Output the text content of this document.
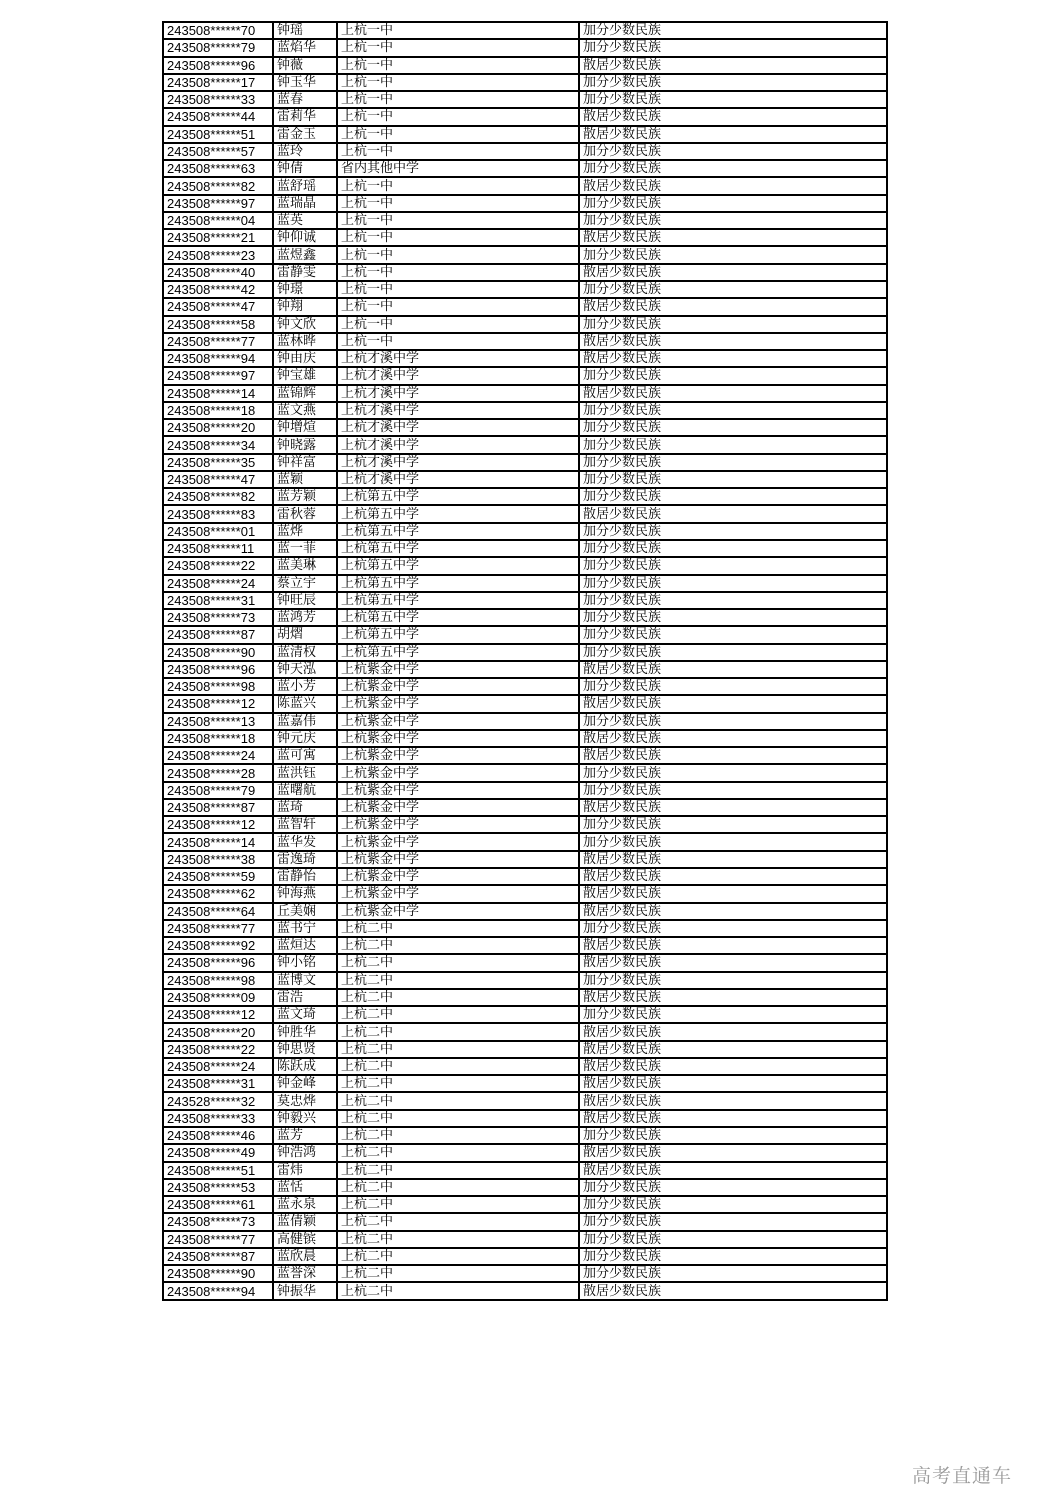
243508******70	钟瑶	上杭一中	加分少数民族
243508******79	蓝焰华	上杭一中	加分少数民族
243508******96	钟薇	上杭一中	散居少数民族
243508******17	钟玉华	上杭一中	加分少数民族
243508******33	蓝春	上杭一中	加分少数民族
243508******44	雷莉华	上杭一中	散居少数民族
243508******51	雷金玉	上杭一中	散居少数民族
243508******57	蓝玲	上杭一中	加分少数民族
243508******63	钟倩	省内其他中学	加分少数民族
243508******82	蓝舒瑶	上杭一中	散居少数民族
243508******97	蓝瑞晶	上杭一中	加分少数民族
243508******04	蓝英	上杭一中	加分少数民族
243508******21	钟仰诚	上杭一中	散居少数民族
243508******23	蓝煜鑫	上杭一中	加分少数民族
243508******40	雷静雯	上杭一中	散居少数民族
243508******42	钟璟	上杭一中	加分少数民族
243508******47	钟翔	上杭一中	散居少数民族
243508******58	钟文欣	上杭一中	加分少数民族
243508******77	蓝林晔	上杭一中	散居少数民族
243508******94	钟由庆	上杭才溪中学	散居少数民族
243508******97	钟宝雄	上杭才溪中学	加分少数民族
243508******14	蓝锦辉	上杭才溪中学	散居少数民族
243508******18	蓝文燕	上杭才溪中学	加分少数民族
243508******20	钟增煊	上杭才溪中学	加分少数民族
243508******34	钟晓露	上杭才溪中学	加分少数民族
243508******35	钟祥富	上杭才溪中学	加分少数民族
243508******47	蓝颖	上杭才溪中学	加分少数民族
243508******82	蓝芳颖	上杭第五中学	加分少数民族
243508******83	雷秋蓉	上杭第五中学	散居少数民族
243508******01	蓝烨	上杭第五中学	加分少数民族
243508******11	蓝一菲	上杭第五中学	加分少数民族
243508******22	蓝美琳	上杭第五中学	加分少数民族
243508******24	蔡立宇	上杭第五中学	加分少数民族
243508******31	钟旺辰	上杭第五中学	加分少数民族
243508******73	蓝鸿芳	上杭第五中学	加分少数民族
243508******87	胡熠	上杭第五中学	加分少数民族
243508******90	蓝清权	上杭第五中学	加分少数民族
243508******96	钟天泓	上杭紫金中学	散居少数民族
243508******98	蓝小芳	上杭紫金中学	加分少数民族
243508******12	陈蓝兴	上杭紫金中学	散居少数民族
243508******13	蓝嘉伟	上杭紫金中学	加分少数民族
243508******18	钟元庆	上杭紫金中学	散居少数民族
243508******24	蓝可寓	上杭紫金中学	散居少数民族
243508******28	蓝洪钰	上杭紫金中学	加分少数民族
243508******79	蓝曙航	上杭紫金中学	加分少数民族
243508******87	蓝琦	上杭紫金中学	散居少数民族
243508******12	蓝智轩	上杭紫金中学	加分少数民族
243508******14	蓝华发	上杭紫金中学	加分少数民族
243508******38	雷逸琦	上杭紫金中学	散居少数民族
243508******59	雷静怡	上杭紫金中学	散居少数民族
243508******62	钟海燕	上杭紫金中学	散居少数民族
243508******64	丘美娴	上杭紫金中学	散居少数民族
243508******77	蓝书宁	上杭二中	加分少数民族
243508******92	蓝烜达	上杭二中	散居少数民族
243508******96	钟小铭	上杭二中	散居少数民族
243508******98	蓝博文	上杭二中	加分少数民族
243508******09	雷浩	上杭二中	散居少数民族
243508******12	蓝文琦	上杭二中	加分少数民族
243508******20	钟胜华	上杭二中	散居少数民族
243508******22	钟思贤	上杭二中	散居少数民族
243508******24	陈跃成	上杭二中	散居少数民族
243508******31	钟金峰	上杭二中	散居少数民族
243528******32	莫忠烨	上杭二中	散居少数民族
243508******33	钟毅兴	上杭二中	散居少数民族
243508******46	蓝芳	上杭二中	加分少数民族
243508******49	钟浩鸿	上杭二中	散居少数民族
243508******51	雷炜	上杭二中	散居少数民族
243508******53	蓝恬	上杭二中	加分少数民族
243508******61	蓝永泉	上杭二中	加分少数民族
243508******73	蓝倩颖	上杭二中	加分少数民族
243508******77	高健镔	上杭二中	加分少数民族
243508******87	蓝欣晨	上杭二中	加分少数民族
243508******90	蓝誉深	上杭二中	加分少数民族
243508******94	钟振华	上杭二中	散居少数民族
高考直通车
